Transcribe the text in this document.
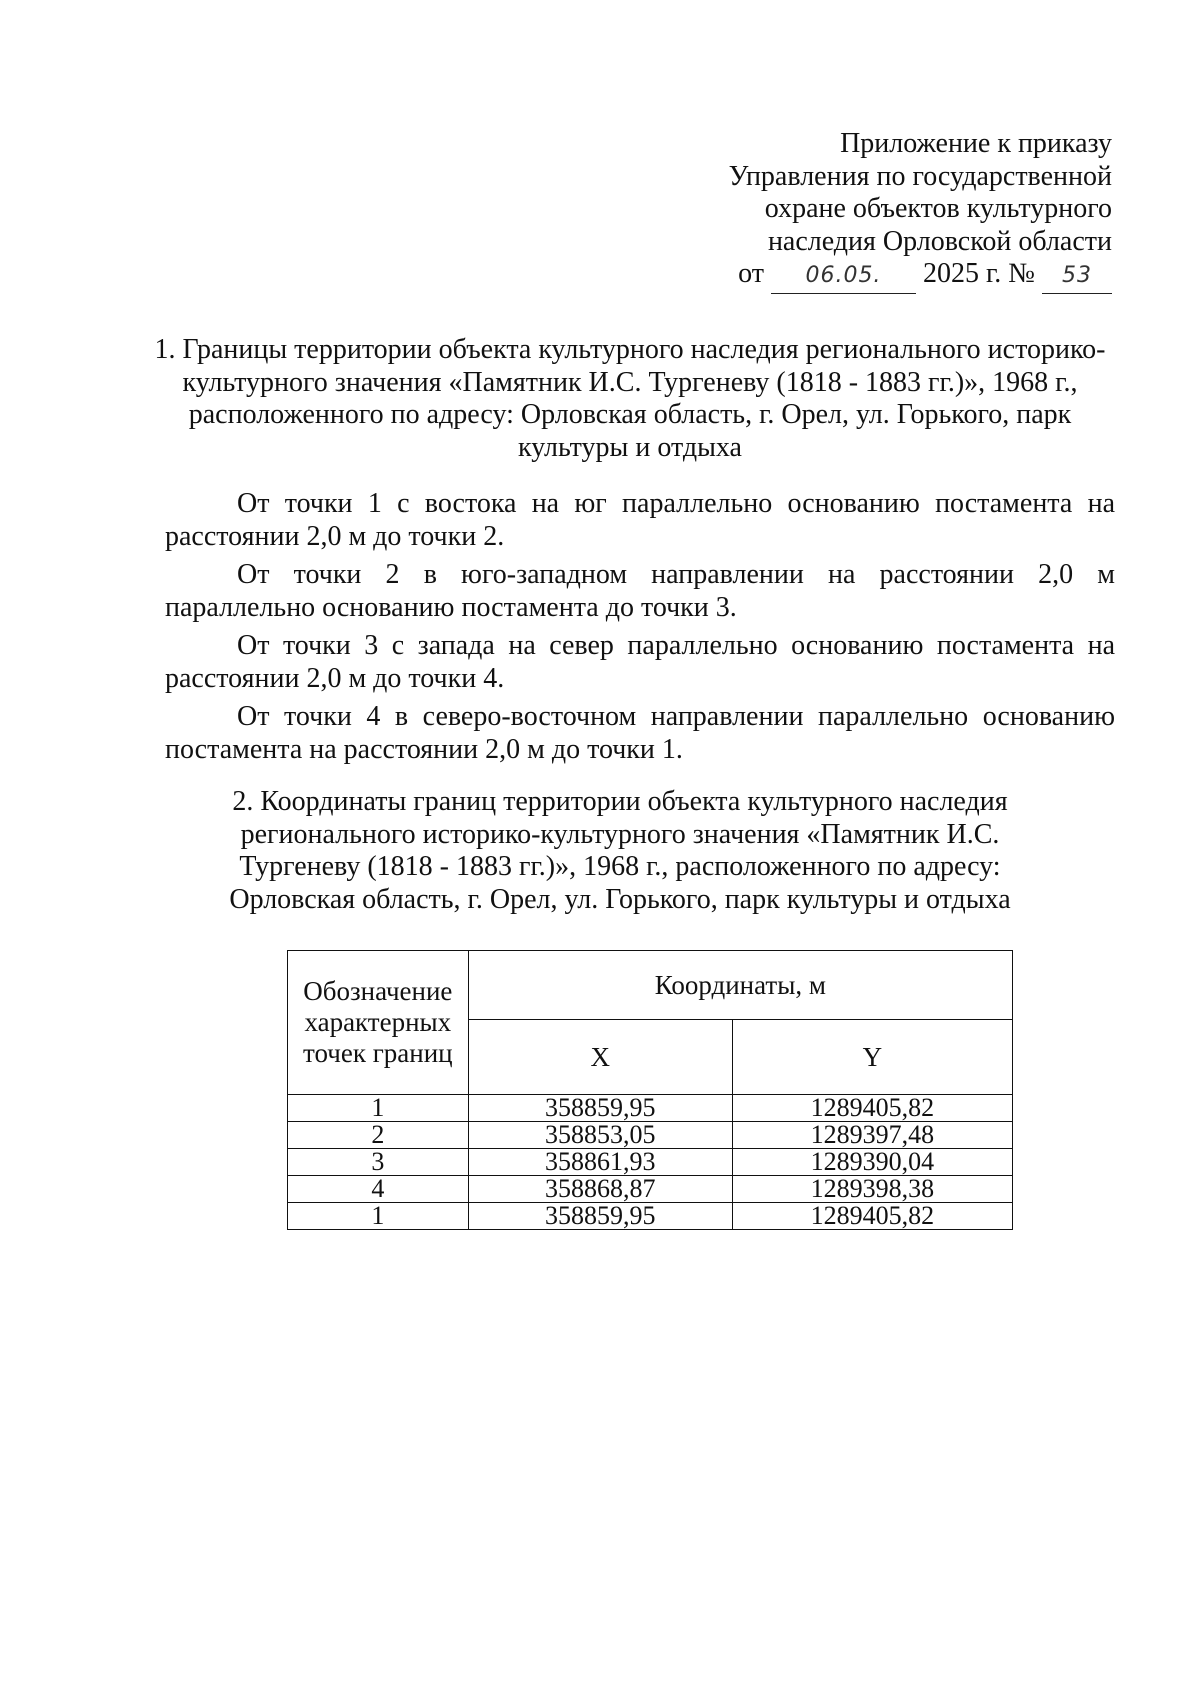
Приложение к приказу
Управления по государственной
охране объектов культурного
наследия Орловской области
от 06.05. 2025 г. № 53
1. Границы территории объекта культурного наследия регионального историко-культурного значения «Памятник И.С. Тургеневу (1818 - 1883 гг.)», 1968 г., расположенного по адресу: Орловская область, г. Орел, ул. Горького, парк культуры и отдыха

От точки 1 с востока на юг параллельно основанию постамента на расстоянии 2,0 м до точки 2.

От точки 2 в юго-западном направлении на расстоянии 2,0 м параллельно основанию постамента до точки 3.

От точки 3 с запада на север параллельно основанию постамента на расстоянии 2,0 м до точки 4.

От точки 4 в северо-восточном направлении параллельно основанию постамента на расстоянии 2,0 м до точки 1.

2. Координаты границ территории объекта культурного наследия регионального историко-культурного значения «Памятник И.С. Тургеневу (1818 - 1883 гг.)», 1968 г., расположенного по адресу: Орловская область, г. Орел, ул. Горького, парк культуры и отдыха
Обозначение характерных точек границ	Координаты, м	
	X	Y
1	358859,95	1289405,82
2	358853,05	1289397,48
3	358861,93	1289390,04
4	358868,87	1289398,38
1	358859,95	1289405,82
